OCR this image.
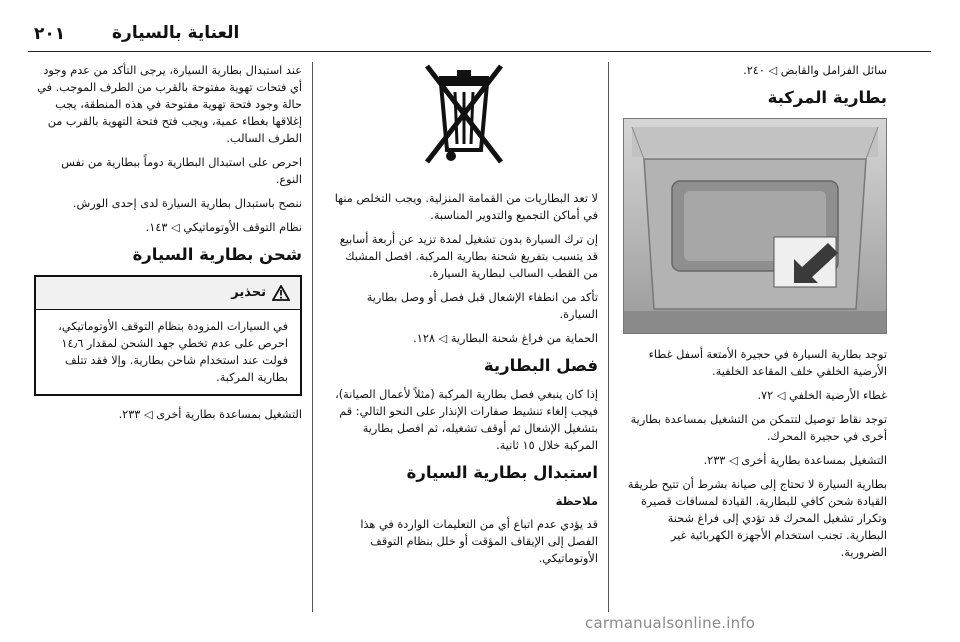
٢٠١	العناية بالسيارة

سائل الفرامل والقابض ◁ ٢٤٠.

بطارية المركبة

توجد بطارية السيارة في حجيرة الأمتعة أسفل غطاء الأرضية الخلفي خلف المقاعد الخلفية.

غطاء الأرضية الخلفي ◁ ٧٢.

توجد نقاط توصيل لتتمكن من التشغيل بمساعدة بطارية أخرى في حجيرة المحرك.

التشغيل بمساعدة بطارية أخرى ◁ ٢٣٣.

بطارية السيارة لا تحتاج إلى صيانة بشرط أن تتيح طريقة القيادة شحن كافي للبطارية. القيادة لمسافات قصيرة وتكرار تشغيل المحرك قد تؤدي إلى فراغ شحنة البطارية. تجنب استخدام الأجهزة الكهربائية غير الضرورية.

لا تعد البطاريات من القمامة المنزلية. ويجب التخلص منها في أماكن التجميع والتدوير المناسبة.

إن ترك السيارة بدون تشغيل لمدة تزيد عن أربعة أسابيع قد يتسبب بتفريغ شحنة بطارية المركبة. افصل المشبك من القطب السالب لبطارية السيارة.

تأكد من انطفاء الإشعال قبل فصل أو وصل بطارية السيارة.

الحماية من فراغ شحنة البطارية ◁ ١٢٨.

فصل البطارية

إذا كان ينبغي فصل بطارية المركبة (مثلاً لأعمال الصيانة)، فيجب إلغاء تنشيط صفارات الإنذار على النحو التالي: قم بتشغيل الإشعال ثم أوقف تشغيله، ثم افصل بطارية المركبة خلال ١٥ ثانية.

استبدال بطارية السيارة
ملاحظة

قد يؤدي عدم اتباع أي من التعليمات الواردة في هذا الفصل إلى الإيقاف المؤقت أو خلل بنظام التوقف الأوتوماتيكي.

عند استبدال بطارية السيارة، يرجى التأكد من عدم وجود أي فتحات تهوية مفتوحة بالقرب من الطرف الموجب. في حالة وجود فتحة تهوية مفتوحة في هذه المنطقة، يجب إغلاقها بغطاء عمية، ويجب فتح فتحة التهوية بالقرب من الطرف السالب.

احرص على استبدال البطارية دوماً ببطارية من نفس النوع.

ننصح باستبدال بطارية السيارة لدى إحدى الورش.

نظام التوقف الأوتوماتيكي ◁ ١٤٣.

شحن بطارية السيارة
تحذير
في السيارات المزودة بنظام التوقف الأوتوماتيكي، احرص على عدم تخطي جهد الشحن لمقدار ١٤٫٦ فولت عند استخدام شاحن بطارية. وإلا فقد تتلف بطارية المركبة.

التشغيل بمساعدة بطارية أخرى ◁ ٢٣٣.

carmanualsonline.info
